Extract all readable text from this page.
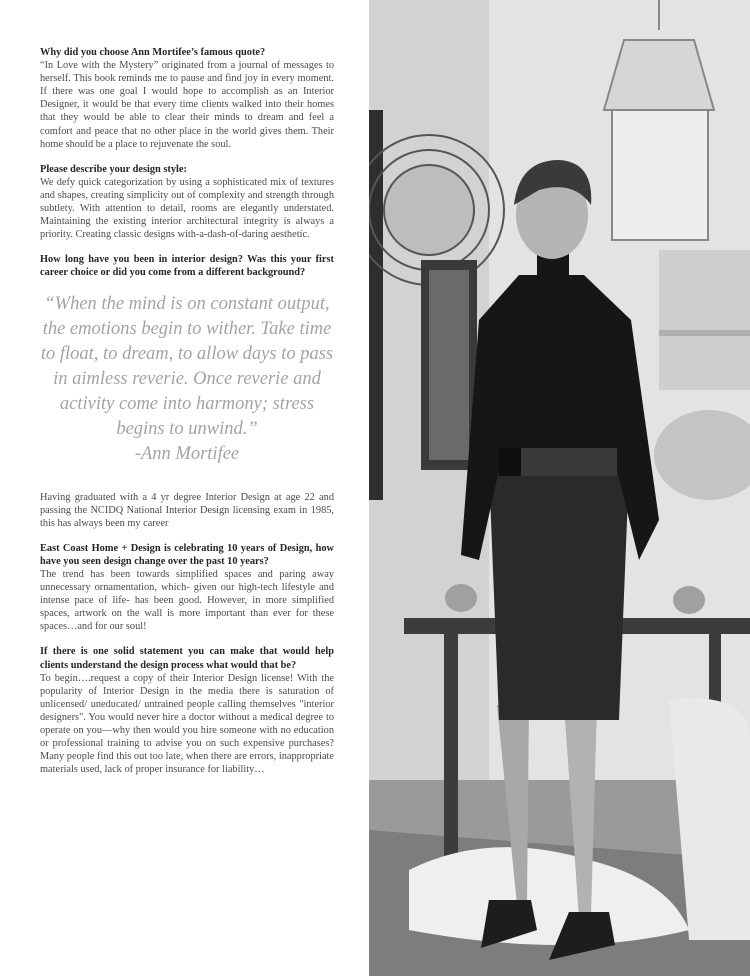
Why did you choose Ann Mortifee’s famous quote?

“In Love with the Mystery” originated from a journal of messages to herself. This book reminds me to pause and find joy in every moment. If there was one goal I would hope to accomplish as an Interior Designer, it would be that every time clients walked into their homes that they would be able to clear their minds to dream and feel a comfort and peace that no other place in the world gives them. Their home should be a place to rejuvenate the soul.

Please describe your design style:

We defy quick categorization by using a sophisticated mix of textures and shapes, creating simplicity out of complexity and strength through subtlety. With attention to detail, rooms are elegantly understated. Maintaining the existing interior architectural integrity is always a priority. Creating classic designs with-a-dash-of-daring aesthetic.

How long have you been in interior design? Was this your first career choice or did you come from a different background?

“When the mind is on constant output, the emotions begin to wither. Take time to float, to dream, to allow days to pass in aimless reverie. Once reverie and activity come into harmony; stress begins to unwind.”
-Ann Mortifee

Having graduated with a 4 yr degree Interior Design at age 22 and passing the NCIDQ National Interior Design licensing exam in 1985, this has always been my career

East Coast Home + Design is celebrating 10 years of Design, how have you seen design change over the past 10 years?

The trend has been towards simplified spaces and paring away unnecessary ornamentation, which- given our high-tech lifestyle and intense pace of life- has been good. However, in more simplified spaces, artwork on the wall is more important than ever for these spaces…and for our soul!

If there is one solid statement you can make that would help clients understand the design process what would that be?

To begin….request a copy of their Interior Design license! With the popularity of Interior Design in the media there is saturation of unlicensed/ uneducated/ untrained people calling themselves "interior designers". You would never hire a doctor without a medical degree to operate on you—why then would you hire someone with no education or professional training to advise you on such expensive purchases? Many people find this out too late, when there are errors, inappropriate materials used, lack of proper insurance for liability…
